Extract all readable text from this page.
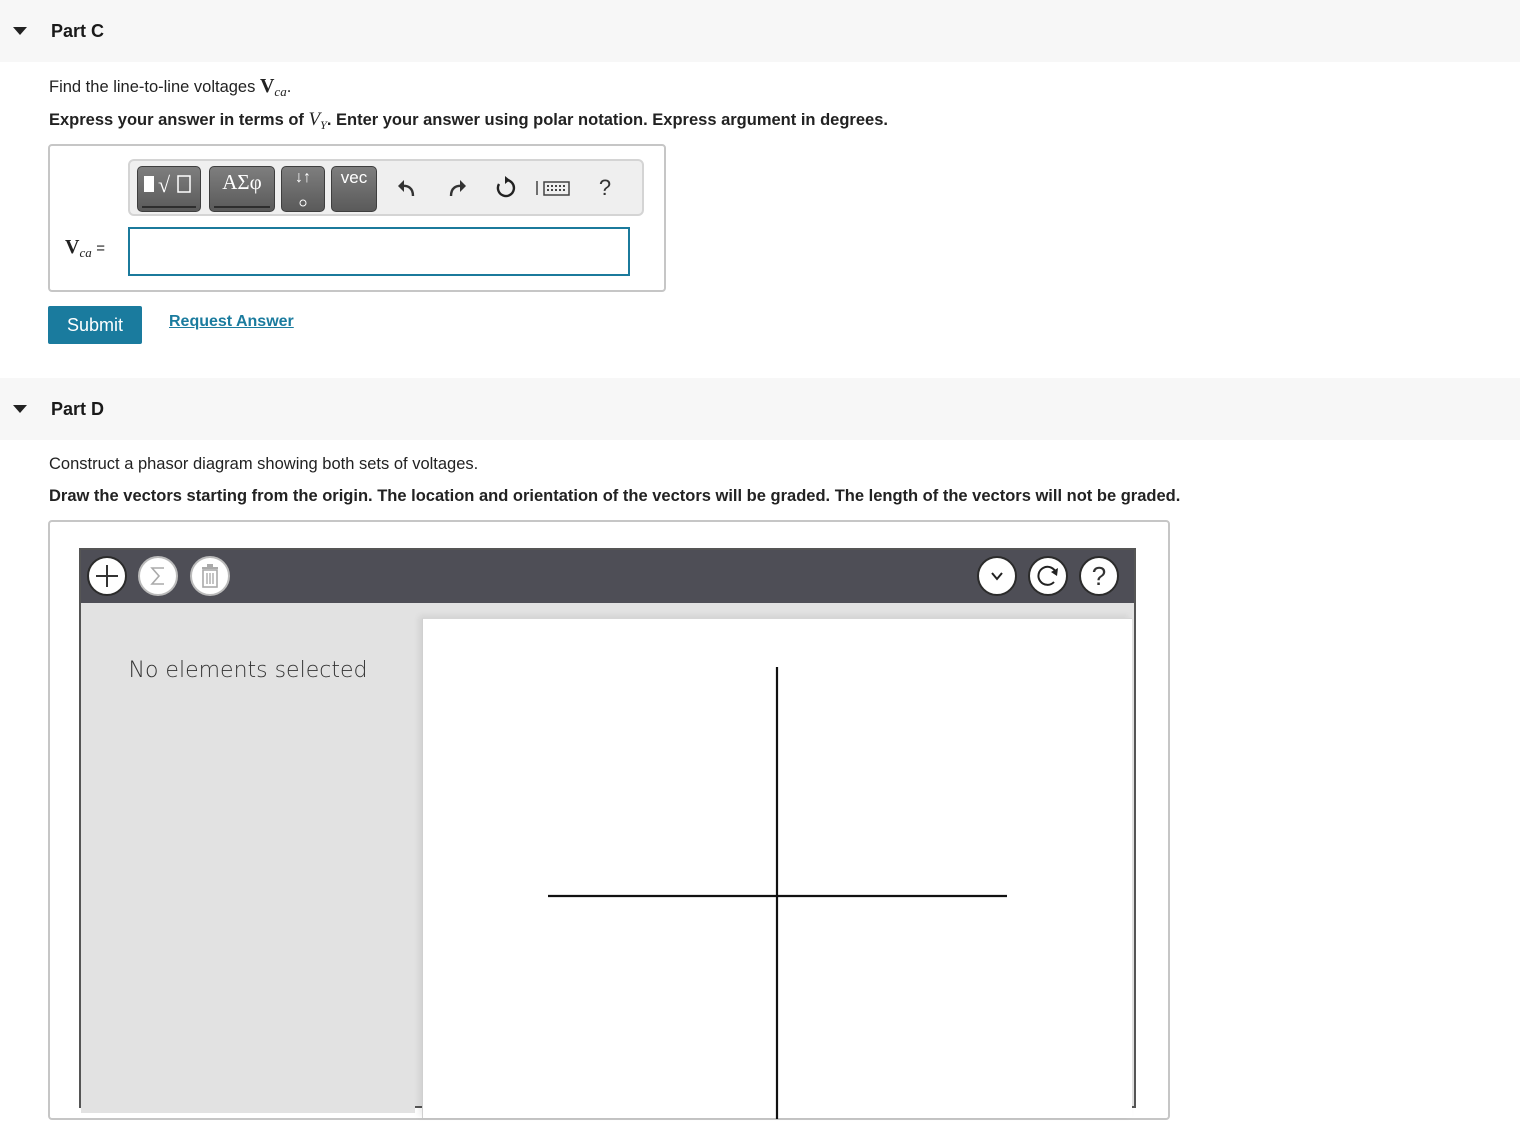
Part C
Find the line-to-line voltages $V_{ca}$.
Express your answer in terms of $V_Y$. Enter your answer using polar notation. Express argument in degrees.
√	ΑΣφ	↓↑	vec	?
$V_{ca}$ =
Submit	Request Answer
Part D
Construct a phasor diagram showing both sets of voltages.
Draw the vectors starting from the origin. The location and orientation of the vectors will be graded. The length of the vectors will not be graded.
?
No elements selected
